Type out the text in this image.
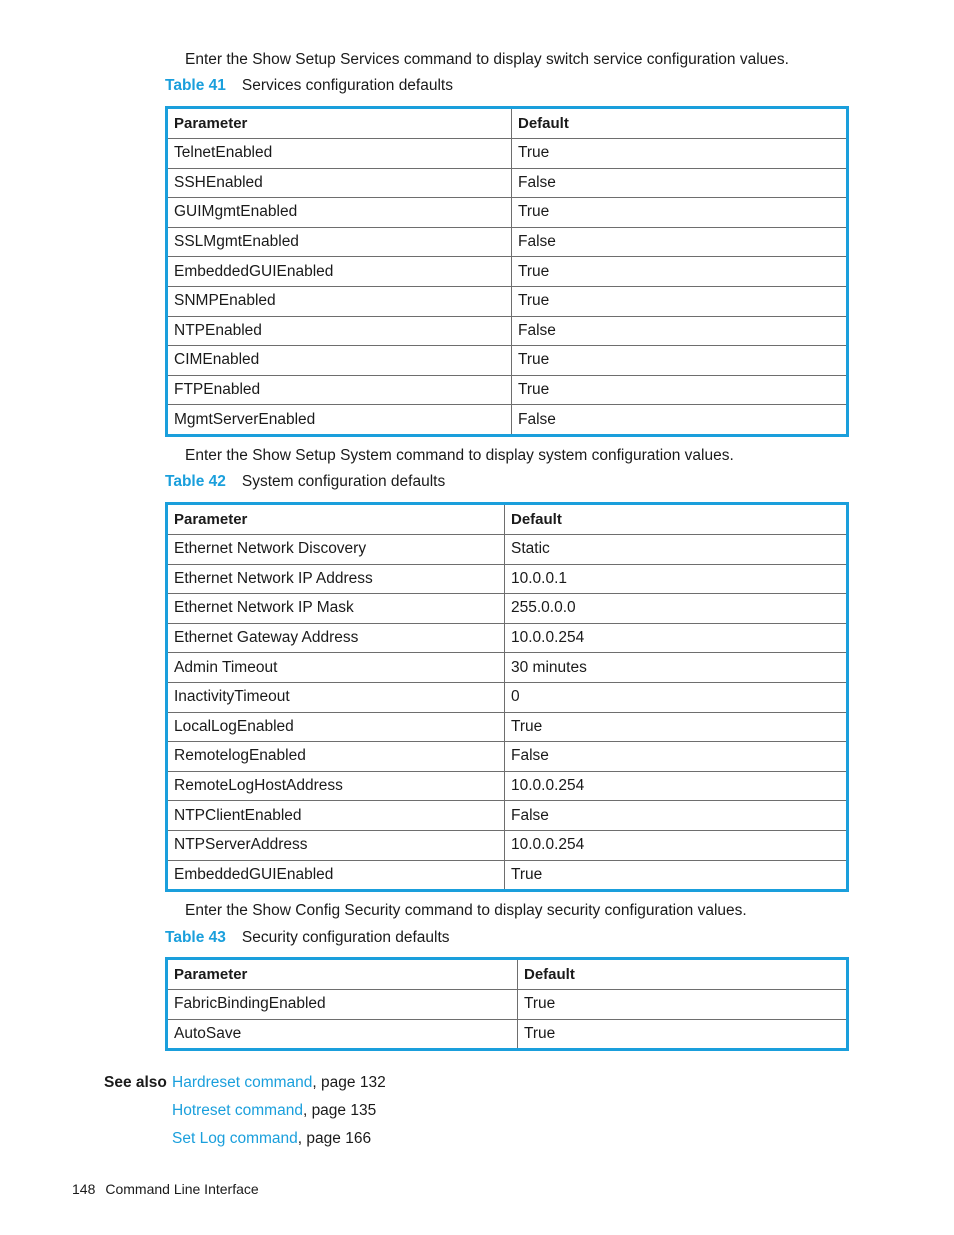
Enter the Show Setup Services command to display switch service configuration values.
Table 41 Services configuration defaults
Parameter	Default
TelnetEnabled	True
SSHEnabled	False
GUIMgmtEnabled	True
SSLMgmtEnabled	False
EmbeddedGUIEnabled	True
SNMPEnabled	True
NTPEnabled	False
CIMEnabled	True
FTPEnabled	True
MgmtServerEnabled	False
Enter the Show Setup System command to display system configuration values.
Table 42 System configuration defaults
Parameter	Default
Ethernet Network Discovery	Static
Ethernet Network IP Address	10.0.0.1
Ethernet Network IP Mask	255.0.0.0
Ethernet Gateway Address	10.0.0.254
Admin Timeout	30 minutes
InactivityTimeout	0
LocalLogEnabled	True
RemotelogEnabled	False
RemoteLogHostAddress	10.0.0.254
NTPClientEnabled	False
NTPServerAddress	10.0.0.254
EmbeddedGUIEnabled	True
Enter the Show Config Security command to display security configuration values.
Table 43 Security configuration defaults
Parameter	Default
FabricBindingEnabled	True
AutoSave	True
See also Hardreset command, page 132
Hotreset command, page 135
Set Log command, page 166
148 Command Line Interface
